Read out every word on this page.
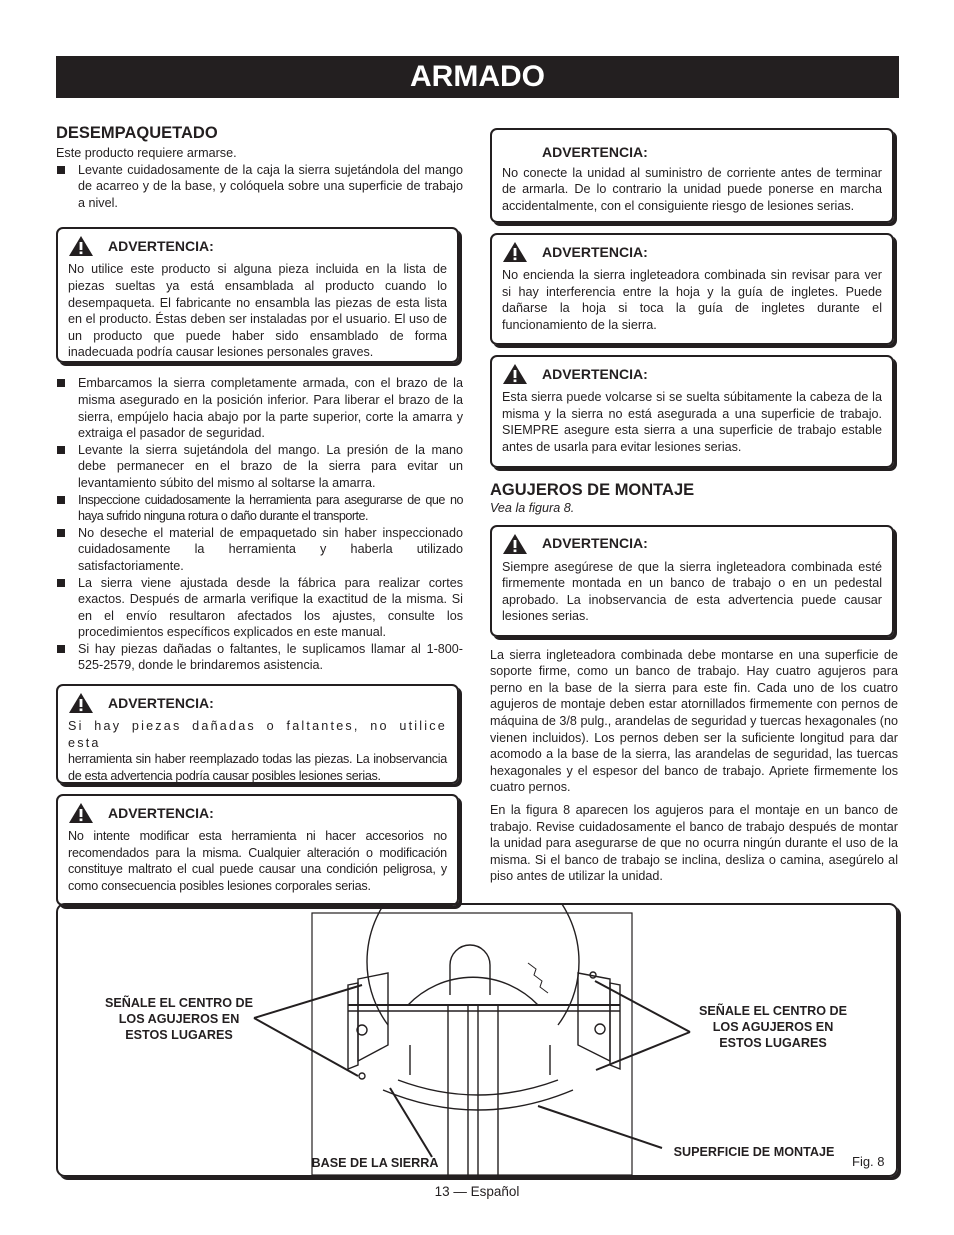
ARMADO
DESEMPAQUETADO

Este producto requiere armarse.

Levante cuidadosamente de la caja la sierra sujetándola del mango de acarreo y de la base, y colóquela sobre una superficie de trabajo a nivel.
ADVERTENCIA:

No utilice este producto si alguna pieza incluida en la lista de piezas sueltas ya está ensamblada al producto cuando lo desempaqueta. El fabricante no ensambla las piezas de esta lista en el producto. Éstas deben ser instaladas por el usuario. El uso de un producto que puede haber sido ensamblado de forma inadecuada podría causar lesiones personales graves.

Embarcamos la sierra completamente armada, con el brazo de la misma asegurado en la posición inferior. Para liberar el brazo de la sierra, empújelo hacia abajo por la parte superior, corte la amarra y extraiga el pasador de seguridad.
Levante la sierra sujetándola del mango. La presión de la mano debe permanecer en el brazo de la sierra para evitar un levantamiento súbito del mismo al soltarse la amarra.
Inspeccione cuidadosamente la herramienta para asegurarse de que no haya sufrido ninguna rotura o daño durante el transporte.
No deseche el material de empaquetado sin haber inspeccionado cuidadosamente la herramienta y haberla utilizado satisfactoriamente.
La sierra viene ajustada desde la fábrica para realizar cortes exactos. Después de armarla verifique la exactitud de la misma. Si en el envío resultaron afectados los ajustes, consulte los procedimientos específicos explicados en este manual.
Si hay piezas dañadas o faltantes, le suplicamos llamar al 1-800-525-2579, donde le brindaremos asistencia.
ADVERTENCIA:

Si hay piezas dañadas o faltantes, no utilice esta

herramienta sin haber reemplazado todas las piezas. La inobservancia de esta advertencia podría causar posibles lesiones serias.

ADVERTENCIA:

No intente modificar esta herramienta ni hacer accesorios no recomendados para la misma. Cualquier alteración o modificación constituye maltrato el cual puede causar una condición peligrosa, y como consecuencia posibles lesiones corporales serias.

ADVERTENCIA:

No conecte la unidad al suministro de corriente antes de terminar de armarla. De lo contrario la unidad puede ponerse en marcha accidentalmente, con el consiguiente riesgo de lesiones serias.

ADVERTENCIA:

No encienda la sierra ingleteadora combinada sin revisar para ver si hay interferencia entre la hoja y la guía de ingletes. Puede dañarse la hoja si toca la guía de ingletes durante el funcionamiento de la sierra.

ADVERTENCIA:

Esta sierra puede volcarse si se suelta súbitamente la cabeza de la misma y la sierra no está asegurada a una superficie de trabajo. SIEMPRE asegure esta sierra a una superficie de trabajo estable antes de usarla para evitar lesiones serias.

AGUJEROS DE MONTAJE

Vea la figura 8.

ADVERTENCIA:

Siempre asegúrese de que la sierra ingleteadora combinada esté firmemente montada en un banco de trabajo o en un pedestal aprobado. La inobservancia de esta advertencia puede causar lesiones serias.

La sierra ingleteadora combinada debe montarse en una superficie de soporte firme, como un banco de trabajo. Hay cuatro agujeros para perno en la base de la sierra para este fin. Cada uno de los cuatro agujeros de montaje deben estar atornillados firmemente con pernos de máquina de 3/8 pulg., arandelas de seguridad y tuercas hexagonales (no vienen incluidos). Los pernos deben ser la suficiente longitud para dar acomodo a la base de la sierra, las arandelas de seguridad, las tuercas hexagonales y el espesor del banco de trabajo. Apriete firmemente los cuatro pernos.

En la figura 8 aparecen los agujeros para el montaje en un banco de trabajo. Revise cuidadosamente el banco de trabajo después de montar la unidad para asegurarse de que no ocurra ningún durante el uso de la misma. Si el banco de trabajo se inclina, desliza o camina, asegúrelo al piso antes de utilizar la unidad.

SEÑALE EL CENTRO DE LOS AGUJEROS EN ESTOS LUGARES
SEÑALE EL CENTRO DE LOS AGUJEROS EN ESTOS LUGARES
BASE DE LA SIERRA
SUPERFICIE DE MONTAJE
Fig. 8
13 — Español
